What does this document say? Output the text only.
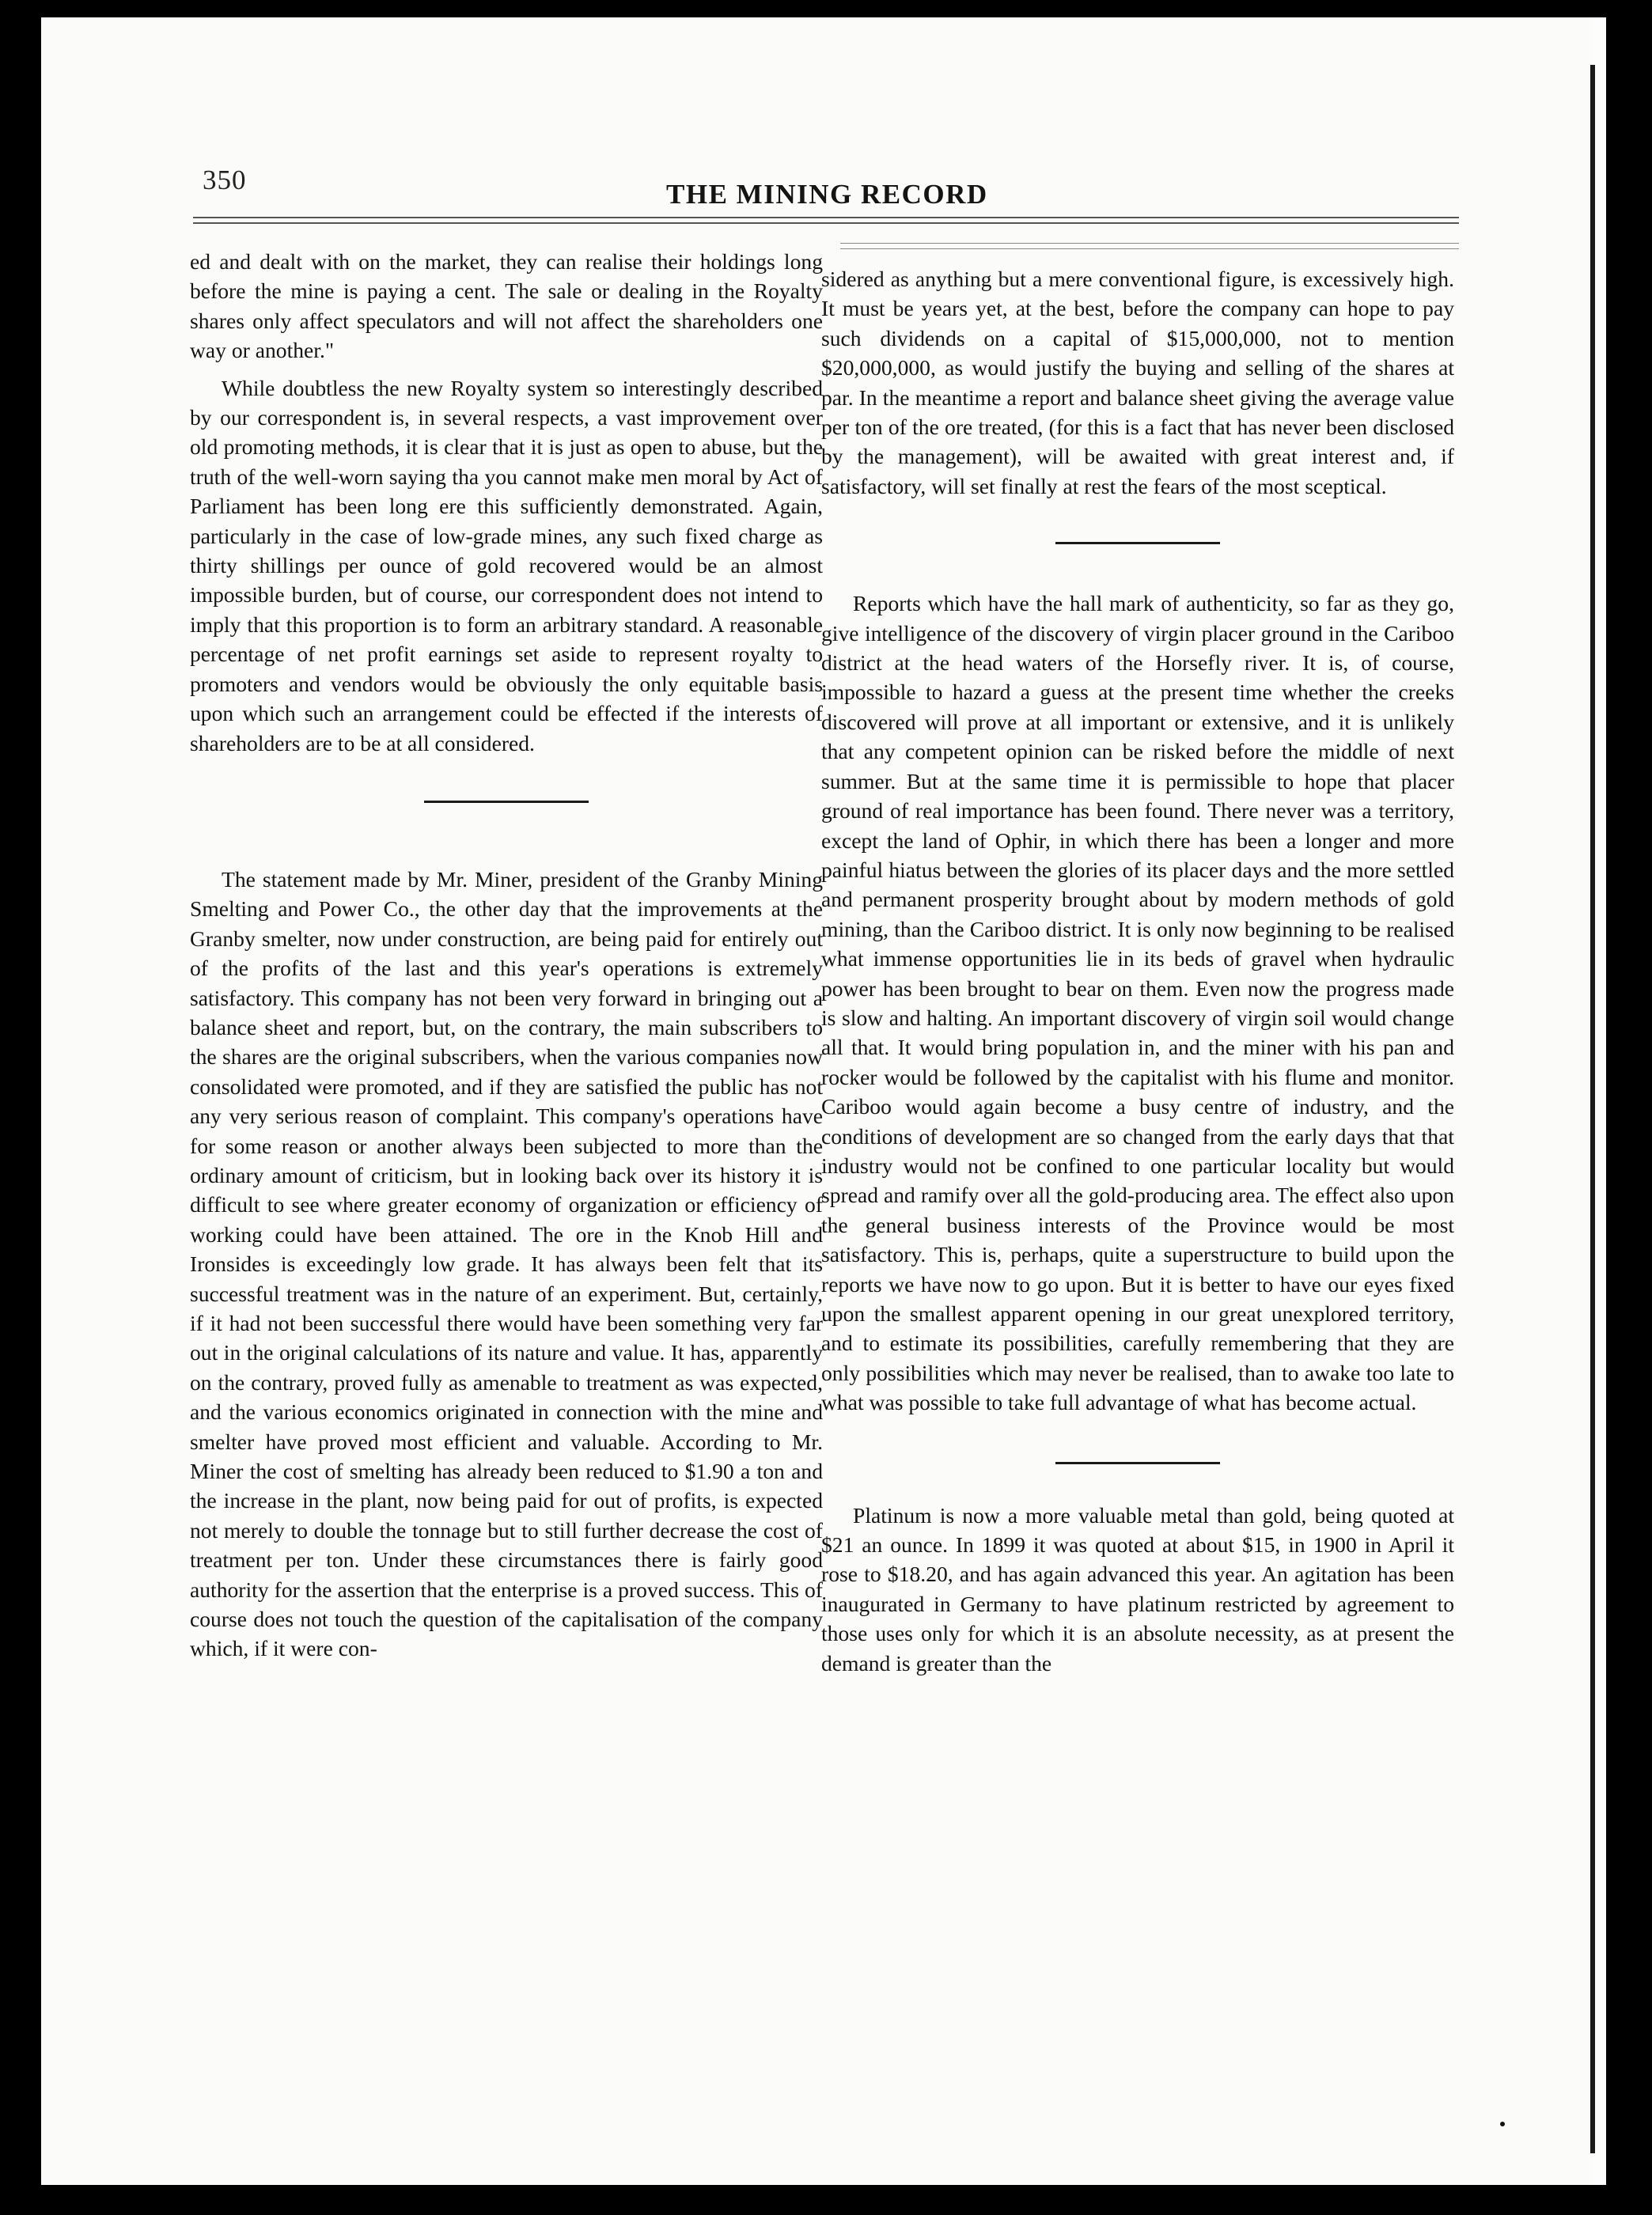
350	THE MINING RECORD

ed and dealt with on the market, they can realise their holdings long before the mine is paying a cent. The sale or dealing in the Royalty shares only affect speculators and will not affect the shareholders one way or another."

While doubtless the new Royalty system so interestingly described by our correspondent is, in several respects, a vast improvement over old promoting methods, it is clear that it is just as open to abuse, but the truth of the well-worn saying tha you cannot make men moral by Act of Parliament has been long ere this sufficiently demonstrated. Again, particularly in the case of low-grade mines, any such fixed charge as thirty shillings per ounce of gold recovered would be an almost impossible burden, but of course, our correspondent does not intend to imply that this proportion is to form an arbitrary standard. A reasonable percentage of net profit earnings set aside to represent royalty to promoters and vendors would be obviously the only equitable basis upon which such an arrangement could be effected if the interests of shareholders are to be at all considered.

The statement made by Mr. Miner, president of the Granby Mining Smelting and Power Co., the other day that the improvements at the Granby smelter, now under construction, are being paid for entirely out of the profits of the last and this year's operations is extremely satisfactory. This company has not been very forward in bringing out a balance sheet and report, but, on the contrary, the main subscribers to the shares are the original subscribers, when the various companies now consolidated were promoted, and if they are satisfied the public has not any very serious reason of complaint. This company's operations have for some reason or another always been subjected to more than the ordinary amount of criticism, but in looking back over its history it is difficult to see where greater economy of organization or efficiency of working could have been attained. The ore in the Knob Hill and Ironsides is exceedingly low grade. It has always been felt that its successful treatment was in the nature of an experiment. But, certainly, if it had not been successful there would have been something very far out in the original calculations of its nature and value. It has, apparently on the contrary, proved fully as amenable to treatment as was expected, and the various economics originated in connection with the mine and smelter have proved most efficient and valuable. According to Mr. Miner the cost of smelting has already been reduced to $1.90 a ton and the increase in the plant, now being paid for out of profits, is expected not merely to double the tonnage but to still further decrease the cost of treatment per ton. Under these circumstances there is fairly good authority for the assertion that the enterprise is a proved success. This of course does not touch the question of the capitalisation of the company which, if it were con-

sidered as anything but a mere conventional figure, is excessively high. It must be years yet, at the best, before the company can hope to pay such dividends on a capital of $15,000,000, not to mention $20,000,000, as would justify the buying and selling of the shares at par. In the meantime a report and balance sheet giving the average value per ton of the ore treated, (for this is a fact that has never been disclosed by the management), will be awaited with great interest and, if satisfactory, will set finally at rest the fears of the most sceptical.

Reports which have the hall mark of authenticity, so far as they go, give intelligence of the discovery of virgin placer ground in the Cariboo district at the head waters of the Horsefly river. It is, of course, impossible to hazard a guess at the present time whether the creeks discovered will prove at all important or extensive, and it is unlikely that any competent opinion can be risked before the middle of next summer. But at the same time it is permissible to hope that placer ground of real importance has been found. There never was a territory, except the land of Ophir, in which there has been a longer and more painful hiatus between the glories of its placer days and the more settled and permanent prosperity brought about by modern methods of gold mining, than the Cariboo district. It is only now beginning to be realised what immense opportunities lie in its beds of gravel when hydraulic power has been brought to bear on them. Even now the progress made is slow and halting. An important discovery of virgin soil would change all that. It would bring population in, and the miner with his pan and rocker would be followed by the capitalist with his flume and monitor. Cariboo would again become a busy centre of industry, and the conditions of development are so changed from the early days that that industry would not be confined to one particular locality but would spread and ramify over all the gold-producing area. The effect also upon the general business interests of the Province would be most satisfactory. This is, perhaps, quite a superstructure to build upon the reports we have now to go upon. But it is better to have our eyes fixed upon the smallest apparent opening in our great unexplored territory, and to estimate its possibilities, carefully remembering that they are only possibilities which may never be realised, than to awake too late to what was possible to take full advantage of what has become actual.

Platinum is now a more valuable metal than gold, being quoted at $21 an ounce. In 1899 it was quoted at about $15, in 1900 in April it rose to $18.20, and has again advanced this year. An agitation has been inaugurated in Germany to have platinum restricted by agreement to those uses only for which it is an absolute necessity, as at present the demand is greater than the
